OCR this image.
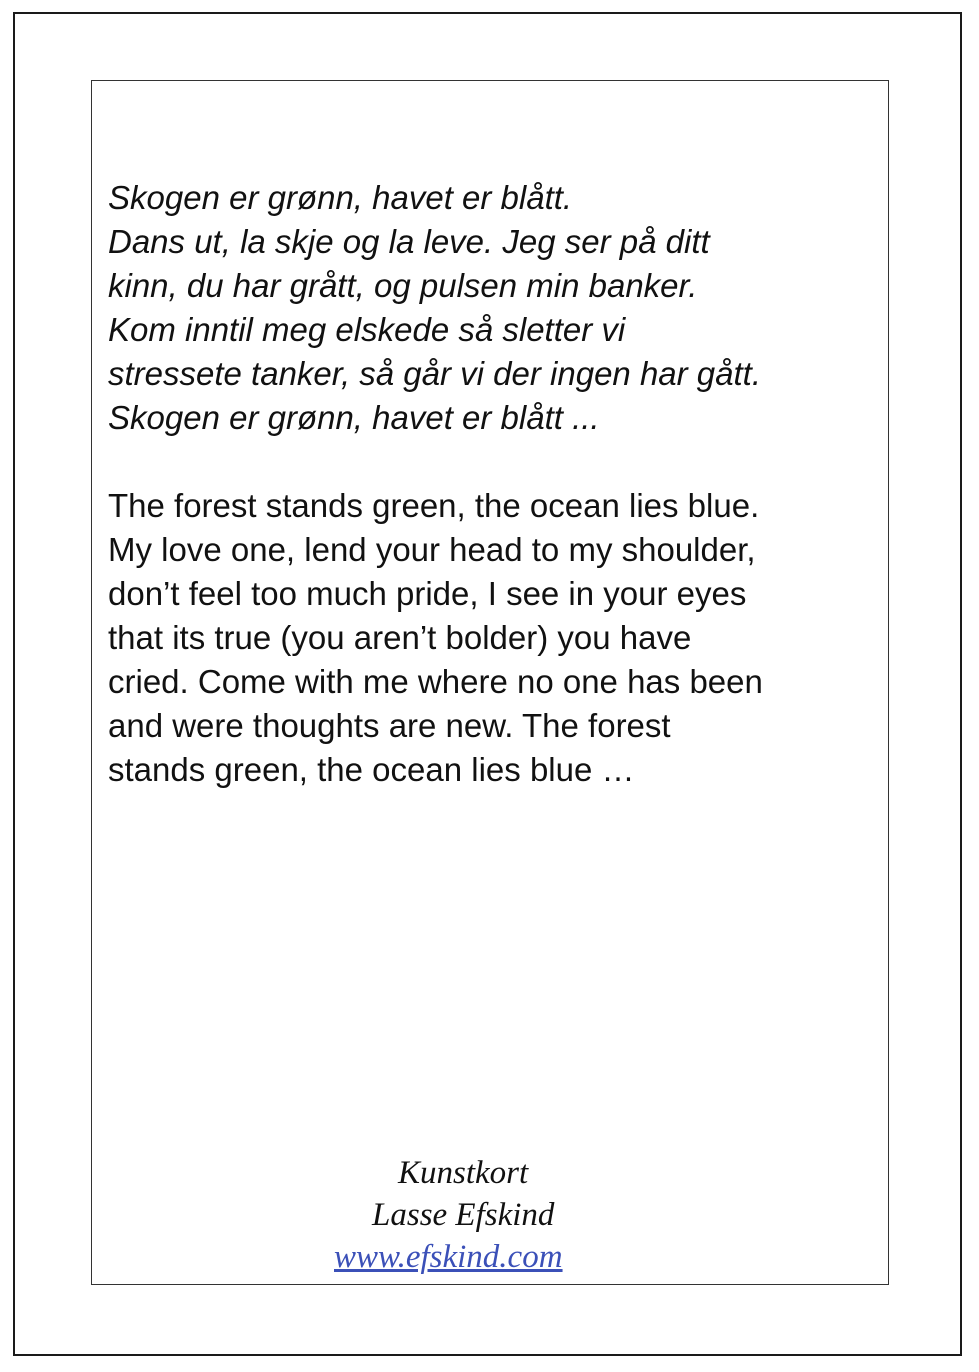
Skogen er grønn, havet er blått.
Dans ut, la skje og la leve. Jeg ser på ditt
kinn, du har grått, og pulsen min banker.
Kom inntil meg elskede så sletter vi
stressete tanker, så går vi der ingen har gått.
Skogen er grønn, havet er blått ...
The forest stands green, the ocean lies blue.
My love one, lend your head to my shoulder,
don’t feel too much pride, I see in your eyes
that its true (you aren’t bolder) you have
cried. Come with me where no one has been
and were thoughts are new. The forest
stands green, the ocean lies blue …
Kunstkort
Lasse Efskind
www.efskind.com
